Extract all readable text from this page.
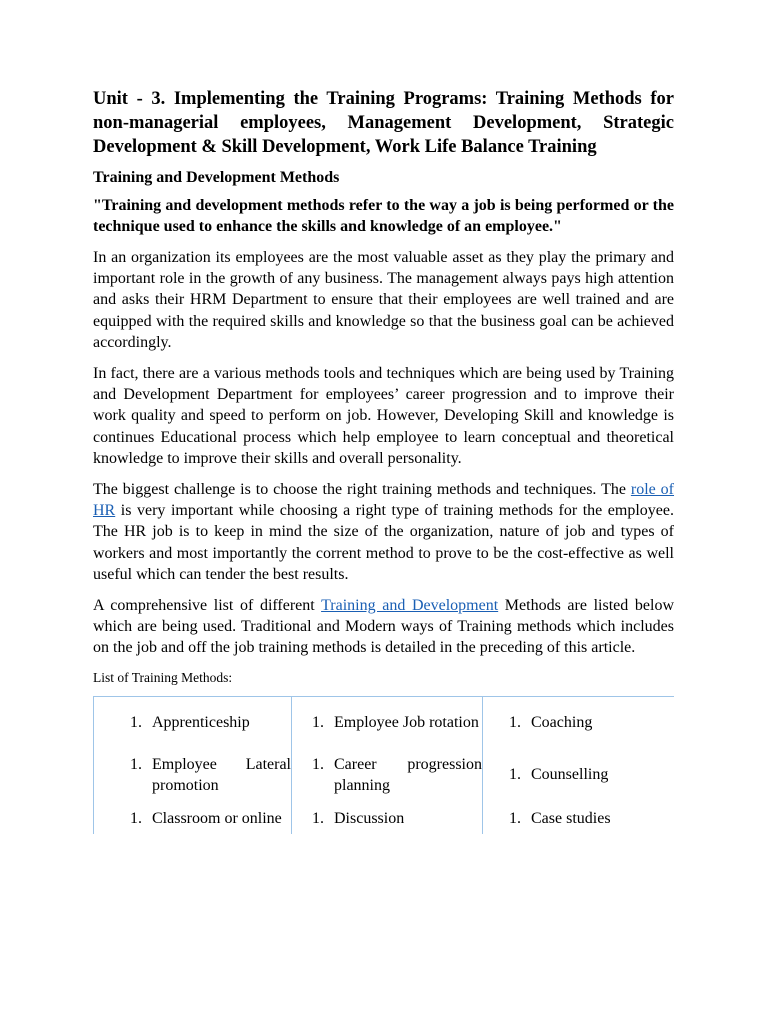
Unit - 3. Implementing the Training Programs: Training Methods for non-managerial employees, Management Development, Strategic Development & Skill Development, Work Life Balance Training
Training and Development Methods

"Training and development methods refer to the way a job is being performed or the technique used to enhance the skills and knowledge of an employee."

In an organization its employees are the most valuable asset as they play the primary and important role in the growth of any business. The management always pays high attention and asks their HRM Department to ensure that their employees are well trained and are equipped with the required skills and knowledge so that the business goal can be achieved accordingly.

In fact, there are a various methods tools and techniques which are being used by Training and Development Department for employees’ career progression and to improve their work quality and speed to perform on job. However, Developing Skill and knowledge is continues Educational process which help employee to learn conceptual and theoretical knowledge to improve their skills and overall personality.

The biggest challenge is to choose the right training methods and techniques. The role of HR is very important while choosing a right type of training methods for the employee. The HR job is to keep in mind the size of the organization, nature of job and types of workers and most importantly the corrent method to prove to be the cost-effective as well useful which can tender the best results.

A comprehensive list of different Training and Development Methods are listed below which are being used. Traditional and Modern ways of Training methods which includes on the job and off the job training methods is detailed in the preceding of this article.

List of Training Methods:
1. Apprenticeship	1. Employee Job rotation	1. Coaching

1. Employee Lateral promotion	1. Career progression planning	1. Counselling

1. Classroom or online	1. Discussion	1. Case studies
